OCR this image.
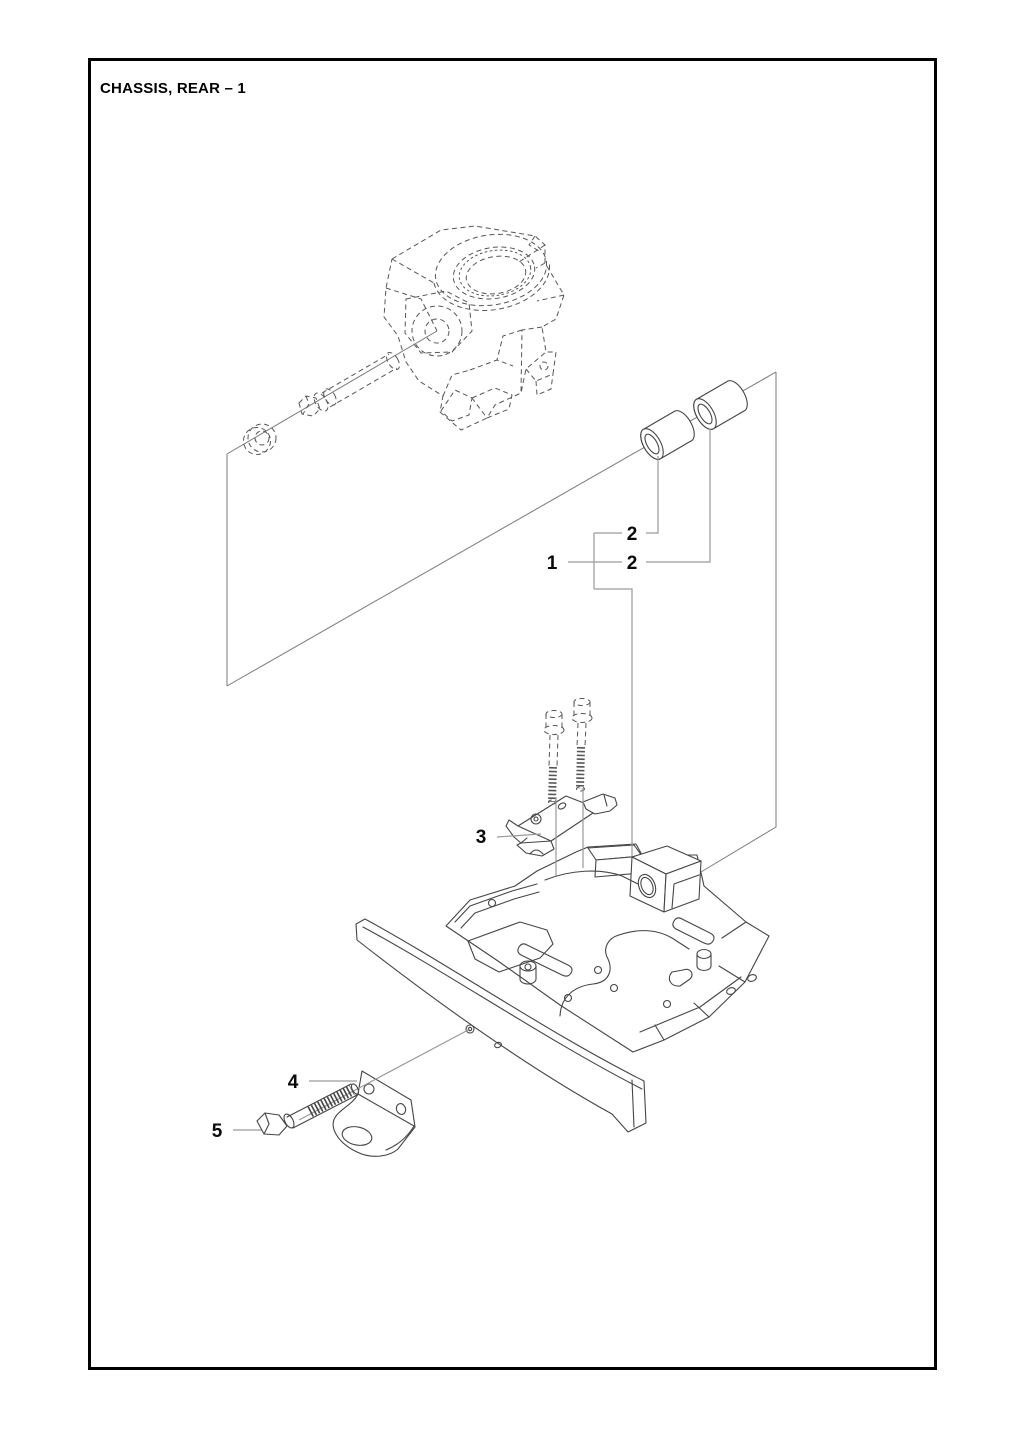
CHASSIS, REAR – 1
1
2
2
3
4
5
